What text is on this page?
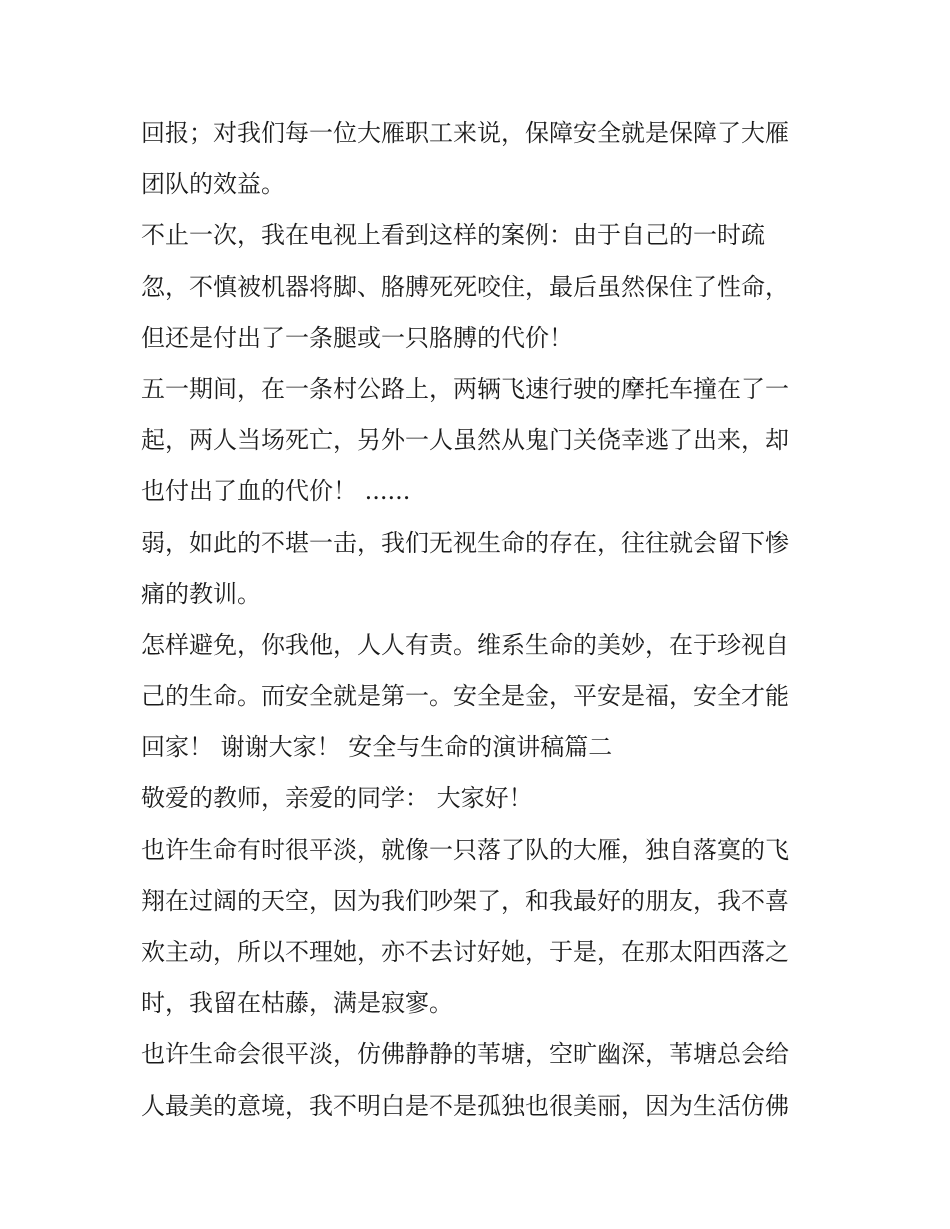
回报；对我们每一位大雁职工来说，保障安全就是保障了大雁
团队的效益。

不止一次，我在电视上看到这样的案例：由于自己的一时疏
忽，不慎被机器将脚、胳膊死死咬住，最后虽然保住了性命，
但还是付出了一条腿或一只胳膊的代价！

五一期间，在一条村公路上，两辆飞速行驶的摩托车撞在了一
起，两人当场死亡，另外一人虽然从鬼门关侥幸逃了出来，却
也付出了血的代价！ ......

弱，如此的不堪一击，我们无视生命的存在，往往就会留下惨
痛的教训。

怎样避免，你我他，人人有责。维系生命的美妙，在于珍视自
己的生命。而安全就是第一。安全是金，平安是福，安全才能
回家！ 谢谢大家！ 安全与生命的演讲稿篇二

敬爱的教师，亲爱的同学： 大家好！

也许生命有时很平淡，就像一只落了队的大雁，独自落寞的飞
翔在过阔的天空，因为我们吵架了，和我最好的朋友，我不喜
欢主动，所以不理她，亦不去讨好她，于是，在那太阳西落之
时，我留在枯藤，满是寂寥。

也许生命会很平淡，仿佛静静的苇塘，空旷幽深，苇塘总会给
人最美的意境，我不明白是不是孤独也很美丽，因为生活仿佛
